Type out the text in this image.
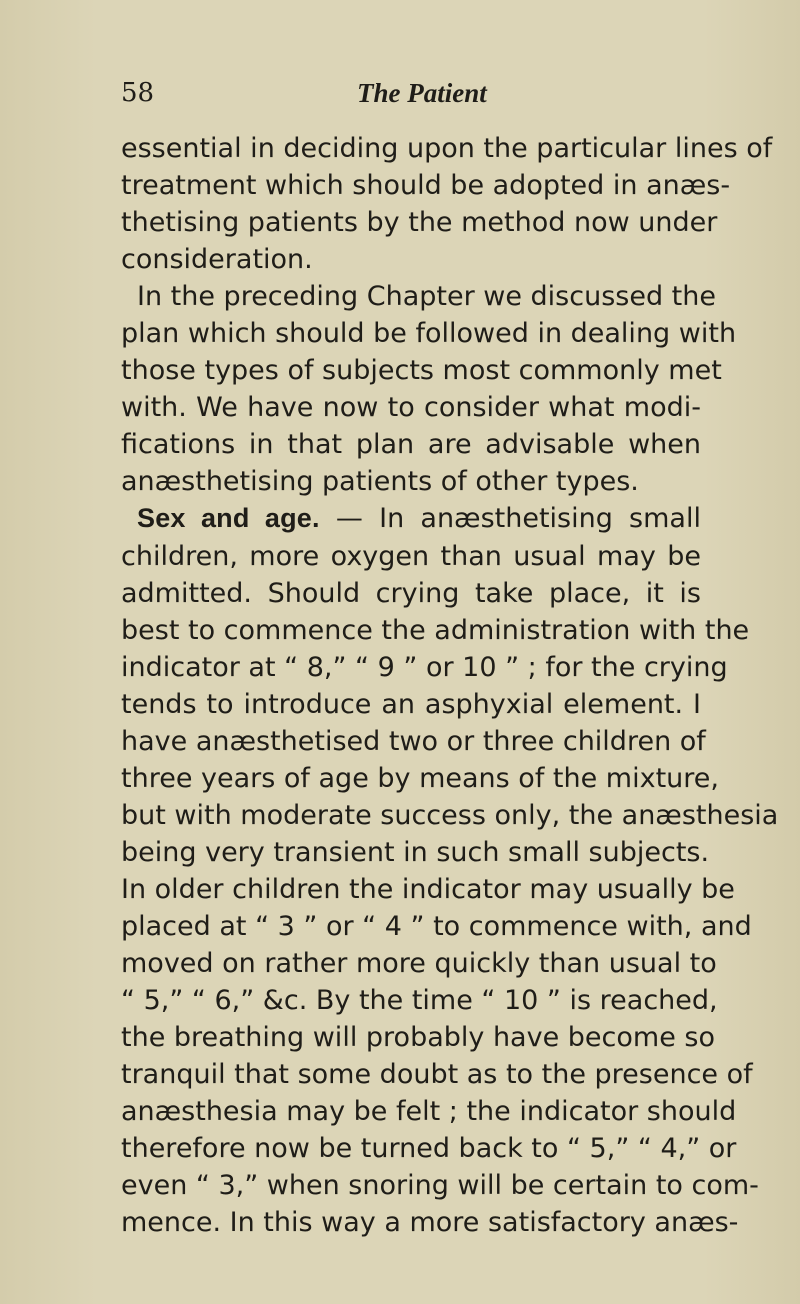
58	The Patient
essential in deciding upon the particular lines of
treatment which should be adopted in anæs-
thetising patients by the method now under
consideration.
In the preceding Chapter we discussed the
plan which should be followed in dealing with
those types of subjects most commonly met
with. We have now to consider what modi-
fications in that plan are advisable when
anæsthetising patients of other types.
Sex and age. — In anæsthetising small
children, more oxygen than usual may be
admitted. Should crying take place, it is
best to commence the administration with the
indicator at “ 8,” “ 9 ” or 10 ” ; for the crying
tends to introduce an asphyxial element. I
have anæsthetised two or three children of
three years of age by means of the mixture,
but with moderate success only, the anæsthesia
being very transient in such small subjects.
In older children the indicator may usually be
placed at “ 3 ” or “ 4 ” to commence with, and
moved on rather more quickly than usual to
“ 5,” “ 6,” &c. By the time “ 10 ” is reached,
the breathing will probably have become so
tranquil that some doubt as to the presence of
anæsthesia may be felt ; the indicator should
therefore now be turned back to “ 5,” “ 4,” or
even “ 3,” when snoring will be certain to com-
mence. In this way a more satisfactory anæs-
